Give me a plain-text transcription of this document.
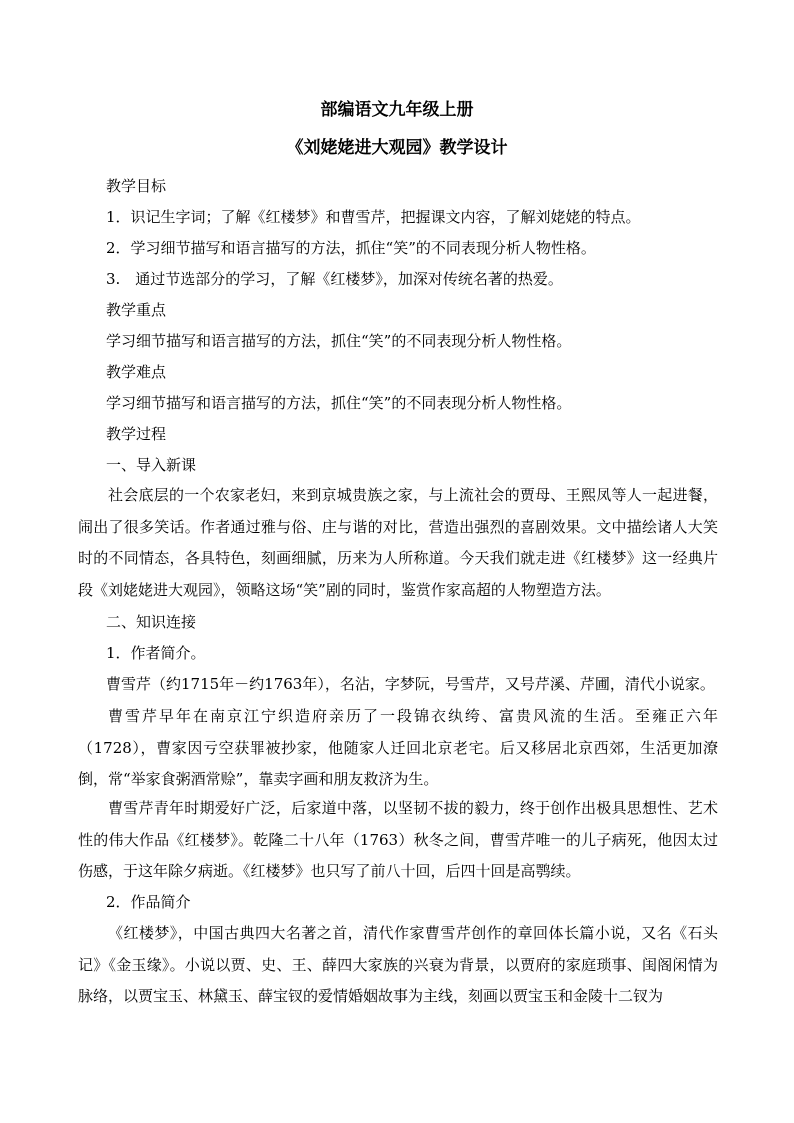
部编语文九年级上册
《刘姥姥进大观园》教学设计
教学目标
1．识记生字词；了解《红楼梦》和曹雪芹，把握课文内容，了解刘姥姥的特点。
2．学习细节描写和语言描写的方法，抓住“笑”的不同表现分析人物性格。
3.　通过节选部分的学习，了解《红楼梦》，加深对传统名著的热爱。
教学重点
学习细节描写和语言描写的方法，抓住“笑”的不同表现分析人物性格。
教学难点
学习细节描写和语言描写的方法，抓住“笑”的不同表现分析人物性格。
教学过程
一、导入新课
社会底层的一个农家老妇，来到京城贵族之家，与上流社会的贾母、王熙凤等人一起进餐，闹出了很多笑话。作者通过雅与俗、庄与谐的对比，营造出强烈的喜剧效果。文中描绘诸人大笑时的不同情态，各具特色，刻画细腻，历来为人所称道。今天我们就走进《红楼梦》这一经典片段《刘姥姥进大观园》，领略这场“笑”剧的同时，鉴赏作家高超的人物塑造方法。
二、知识连接
1．作者简介。
曹雪芹（约1715年－约1763年），名沾，字梦阮，号雪芹，又号芹溪、芹圃，清代小说家。
曹雪芹早年在南京江宁织造府亲历了一段锦衣纨绔、富贵风流的生活。至雍正六年（1728），曹家因亏空获罪被抄家，他随家人迁回北京老宅。后又移居北京西郊，生活更加潦倒，常“举家食粥酒常赊”，靠卖字画和朋友救济为生。
曹雪芹青年时期爱好广泛，后家道中落，以坚韧不拔的毅力，终于创作出极具思想性、艺术性的伟大作品《红楼梦》。乾隆二十八年（1763）秋冬之间，曹雪芹唯一的儿子病死，他因太过伤感，于这年除夕病逝。《红楼梦》也只写了前八十回，后四十回是高鹗续。
2．作品简介
《红楼梦》，中国古典四大名著之首，清代作家曹雪芹创作的章回体长篇小说，又名《石头记》《金玉缘》。小说以贾、史、王、薛四大家族的兴衰为背景，以贾府的家庭琐事、闺阁闲情为脉络，以贾宝玉、林黛玉、薛宝钗的爱情婚姻故事为主线，刻画以贾宝玉和金陵十二钗为
